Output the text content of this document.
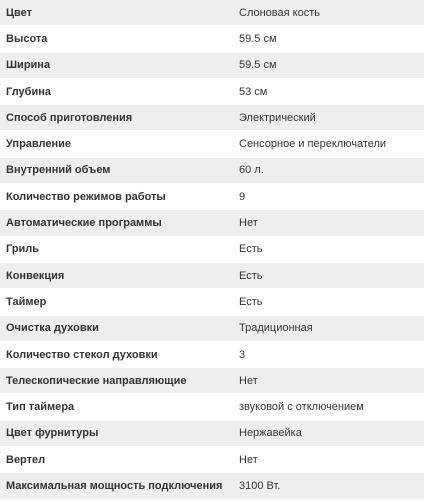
Цвет	Слоновая кость
Высота	59.5 см
Ширина	59.5 см
Глубина	53 см
Способ приготовления	Электрический
Управление	Сенсорное и переключатели
Внутренний объем	60 л.
Количество режимов работы	9
Автоматические программы	Нет
Гриль	Есть
Конвекция	Есть
Таймер	Есть
Очистка духовки	Традиционная
Количество стекол духовки	3
Телескопические направляющие	Нет
Тип таймера	звуковой с отключением
Цвет фурнитуры	Нержавейка
Вертел	Нет
Максимальная мощность подключения	3100 Вт.
